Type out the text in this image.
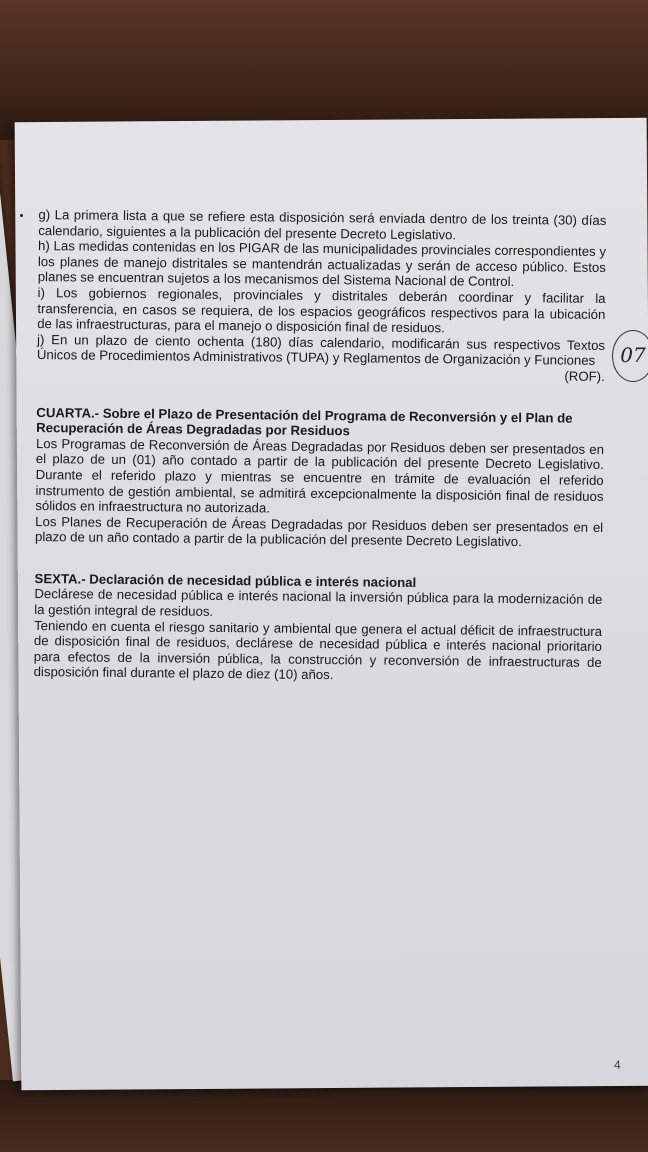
g) La primera lista a que se refiere esta disposición será enviada dentro de los treinta (30) días calendario, siguientes a la publicación del presente Decreto Legislativo.

h) Las medidas contenidas en los PIGAR de las municipalidades provinciales correspondientes y los planes de manejo distritales se mantendrán actualizadas y serán de acceso público. Estos planes se encuentran sujetos a los mecanismos del Sistema Nacional de Control.

i) Los gobiernos regionales, provinciales y distritales deberán coordinar y facilitar la transferencia, en casos se requiera, de los espacios geográficos respectivos para la ubicación de las infraestructuras, para el manejo o disposición final de residuos.

j) En un plazo de ciento ochenta (180) días calendario, modificarán sus respectivos Textos Únicos de Procedimientos Administrativos (TUPA) y Reglamentos de Organización y Funciones

(ROF).

CUARTA.- Sobre el Plazo de Presentación del Programa de Reconversión y el Plan de Recuperación de Áreas Degradadas por Residuos

Los Programas de Reconversión de Áreas Degradadas por Residuos deben ser presentados en el plazo de un (01) año contado a partir de la publicación del presente Decreto Legislativo. Durante el referido plazo y mientras se encuentre en trámite de evaluación el referido instrumento de gestión ambiental, se admitirá excepcionalmente la disposición final de residuos sólidos en infraestructura no autorizada.

Los Planes de Recuperación de Áreas Degradadas por Residuos deben ser presentados en el plazo de un año contado a partir de la publicación del presente Decreto Legislativo.

SEXTA.- Declaración de necesidad pública e interés nacional

Declárese de necesidad pública e interés nacional la inversión pública para la modernización de la gestión integral de residuos.

Teniendo en cuenta el riesgo sanitario y ambiental que genera el actual déficit de infraestructura de disposición final de residuos, declárese de necesidad pública e interés nacional prioritario para efectos de la inversión pública, la construcción y reconversión de infraestructuras de disposición final durante el plazo de diez (10) años.

07
4
